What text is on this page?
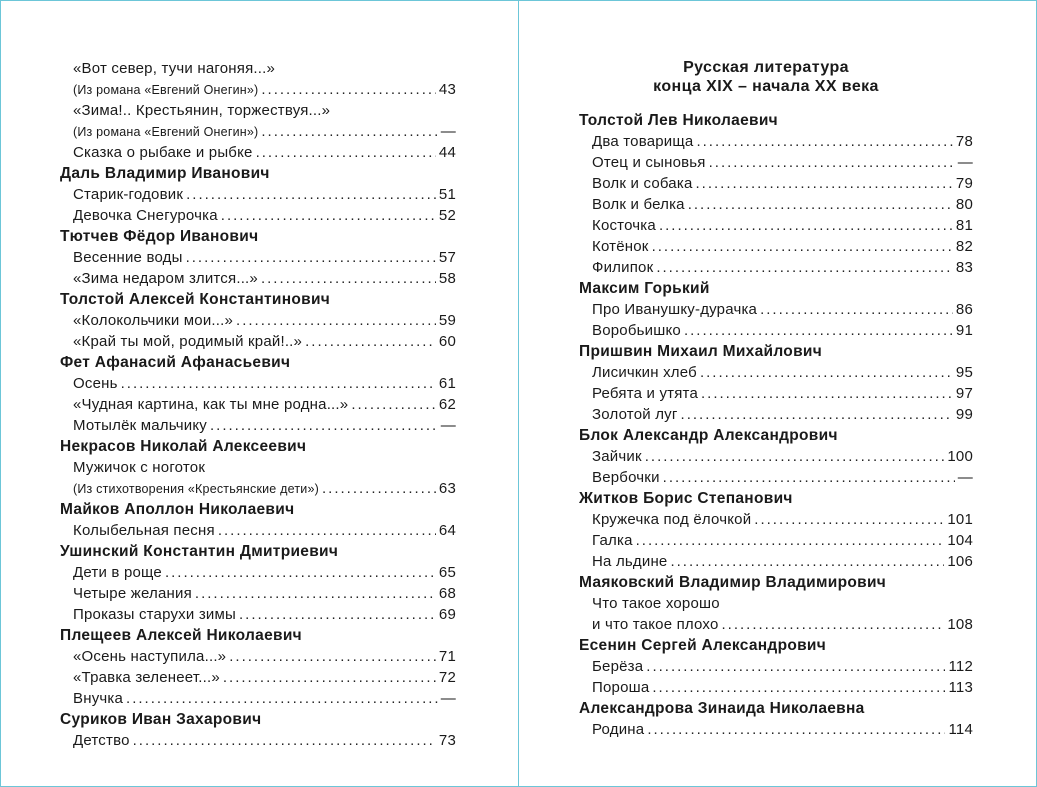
«Вот север, тучи нагоняя...»
(Из романа «Евгений Онегин») .....	43
«Зима!.. Крестьянин, торжествуя...»
(Из романа «Евгений Онегин») .....	—
Сказка о рыбаке и рыбке .....	44
Даль Владимир Иванович
Старик-годовик .....	51
Девочка Снегурочка .....	52
Тютчев Фёдор Иванович
Весенние воды .....	57
«Зима недаром злится...» .....	58
Толстой Алексей Константинович
«Колокольчики мои...» .....	59
«Край ты мой, родимый край!..» .....	60
Фет Афанасий Афанасьевич
Осень .....	61
«Чудная картина, как ты мне родна...» .....	62
Мотылёк мальчику .....	—
Некрасов Николай Алексеевич
Мужичок с ноготок
(Из стихотворения «Крестьянские дети») .....	63
Майков Аполлон Николаевич
Колыбельная песня .....	64
Ушинский Константин Дмитриевич
Дети в роще .....	65
Четыре желания .....	68
Проказы старухи зимы .....	69
Плещеев Алексей Николаевич
«Осень наступила...» .....	71
«Травка зеленеет...» .....	72
Внучка .....	—
Суриков Иван Захарович
Детство .....	73
Русская литература
конца XIX – начала XX века
Толстой Лев Николаевич
Два товарища .....	78
Отец и сыновья .....	—
Волк и собака .....	79
Волк и белка .....	80
Косточка .....	81
Котёнок .....	82
Филипок .....	83
Максим Горький
Про Иванушку-дурачка .....	86
Воробьишко .....	91
Пришвин Михаил Михайлович
Лисичкин хлеб .....	95
Ребята и утята .....	97
Золотой луг .....	99
Блок Александр Александрович
Зайчик .....	100
Вербочки .....	—
Житков Борис Степанович
Кружечка под ёлочкой .....	101
Галка .....	104
На льдине .....	106
Маяковский Владимир Владимирович
Что такое хорошо
и что такое плохо .....	108
Есенин Сергей Александрович
Берёза .....	112
Пороша .....	113
Александрова Зинаида Николаевна
Родина .....	114
